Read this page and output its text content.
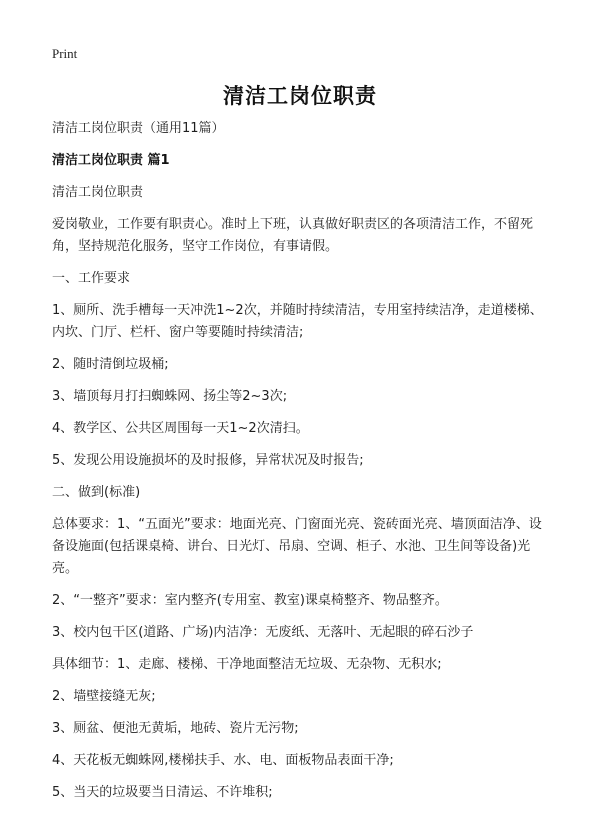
Print
清洁工岗位职责

清洁工岗位职责（通用11篇）

清洁工岗位职责 篇1

清洁工岗位职责

爱岗敬业，工作要有职责心。准时上下班，认真做好职责区的各项清洁工作，不留死角，坚持规范化服务，坚守工作岗位，有事请假。

一、工作要求

1、厕所、洗手槽每一天冲洗1~2次，并随时持续清洁，专用室持续洁净，走道楼梯、内坎、门厅、栏杆、窗户等要随时持续清洁;

2、随时清倒垃圾桶;

3、墙顶每月打扫蜘蛛网、扬尘等2~3次;

4、教学区、公共区周围每一天1~2次清扫。

5、发现公用设施损坏的及时报修，异常状况及时报告;

二、做到(标准)

总体要求：1、“五面光”要求：地面光亮、门窗面光亮、瓷砖面光亮、墙顶面洁净、设备设施面(包括课桌椅、讲台、日光灯、吊扇、空调、柜子、水池、卫生间等设备)光亮。

2、“一整齐”要求：室内整齐(专用室、教室)课桌椅整齐、物品整齐。

3、校内包干区(道路、广场)内洁净：无废纸、无落叶、无起眼的碎石沙子

具体细节：1、走廊、楼梯、干净地面整洁无垃圾、无杂物、无积水;

2、墙壁接缝无灰;

3、厕盆、便池无黄垢，地砖、瓷片无污物;

4、天花板无蜘蛛网,楼梯扶手、水、电、面板物品表面干净;

5、当天的垃圾要当日清运、不许堆积;
